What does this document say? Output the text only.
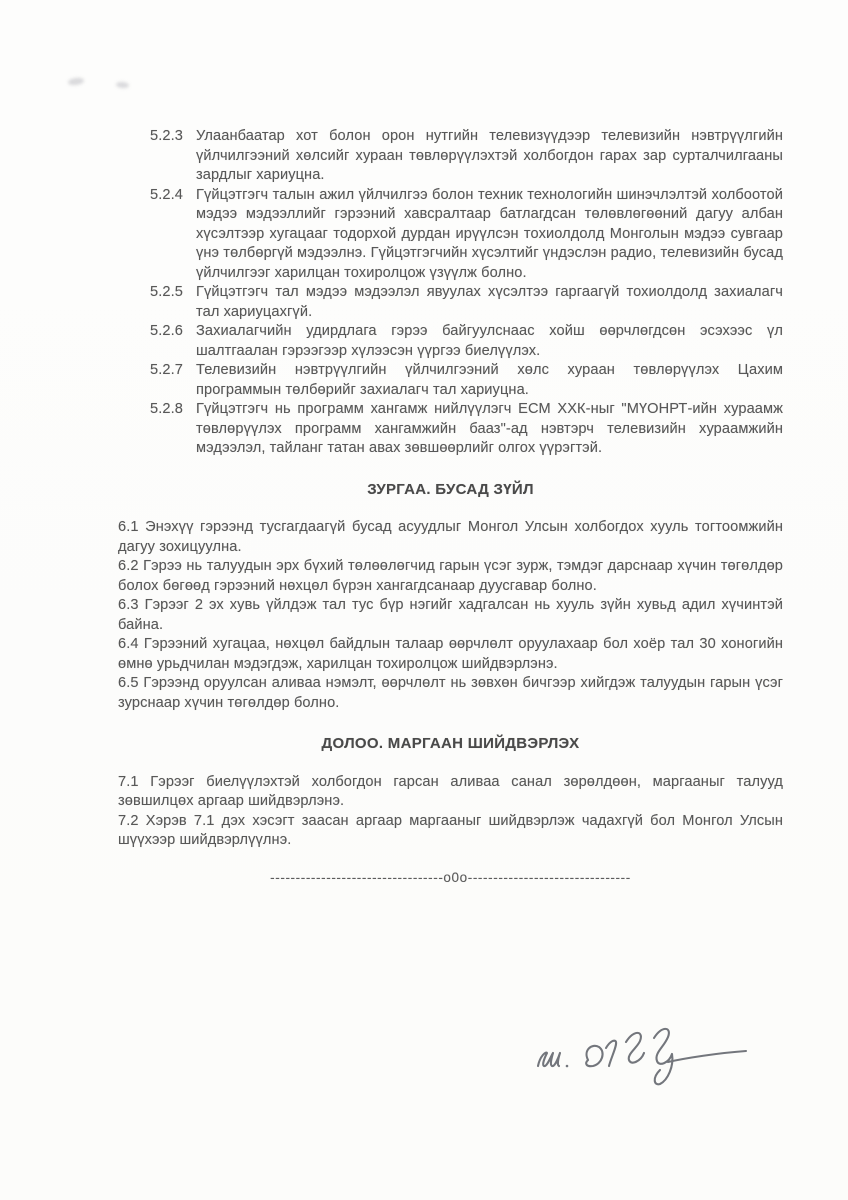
5.2.3 Улаанбаатар хот болон орон нутгийн телевизүүдээр телевизийн нэвтрүүлгийн үйлчилгээний хөлсийг хураан төвлөрүүлэхтэй холбогдон гарах зар сурталчилгааны зардлыг хариуцна.

5.2.4 Гүйцэтгэгч талын ажил үйлчилгээ болон техник технологийн шинэчлэлтэй холбоотой мэдээ мэдээллийг гэрээний хавсралтаар батлагдсан төлөвлөгөөний дагуу албан хүсэлтээр хугацааг тодорхой дурдан ирүүлсэн тохиолдолд Монголын мэдээ сувгаар үнэ төлбөргүй мэдээлнэ. Гүйцэтгэгчийн хүсэлтийг үндэслэн радио, телевизийн бусад үйлчилгээг харилцан тохиролцож үзүүлж болно.

5.2.5 Гүйцэтгэгч тал мэдээ мэдээлэл явуулах хүсэлтээ гаргаагүй тохиолдолд захиалагч тал хариуцахгүй.

5.2.6 Захиалагчийн удирдлага гэрээ байгуулснаас хойш өөрчлөгдсөн эсэхээс үл шалтгаалан гэрээгээр хүлээсэн үүргээ биелүүлэх.

5.2.7 Телевизийн нэвтрүүлгийн үйлчилгээний хөлс хураан төвлөрүүлэх Цахим программын төлбөрийг захиалагч тал хариуцна.

5.2.8 Гүйцэтгэгч нь программ хангамж нийлүүлэгч ЕСМ ХХК-ныг "МҮОНРТ-ийн хураамж төвлөрүүлэх программ хангамжийн бааз"-ад нэвтэрч телевизийн хураамжийн мэдээлэл, тайланг татан авах зөвшөөрлийг олгох үүрэгтэй.

ЗУРГАА. БУСАД ЗҮЙЛ

6.1 Энэхүү гэрээнд тусгагдаагүй бусад асуудлыг Монгол Улсын холбогдох хууль тогтоомжийн дагуу зохицуулна.

6.2 Гэрээ нь талуудын эрх бүхий төлөөлөгчид гарын үсэг зурж, тэмдэг дарснаар хүчин төгөлдөр болох бөгөөд гэрээний нөхцөл бүрэн хангагдсанаар дуусгавар болно.

6.3 Гэрээг 2 эх хувь үйлдэж тал тус бүр нэгийг хадгалсан нь хууль зүйн хувьд адил хүчинтэй байна.

6.4 Гэрээний хугацаа, нөхцөл байдлын талаар өөрчлөлт оруулахаар бол хоёр тал 30 хоногийн өмнө урьдчилан мэдэгдэж, харилцан тохиролцож шийдвэрлэнэ.

6.5 Гэрээнд оруулсан аливаа нэмэлт, өөрчлөлт нь зөвхөн бичгээр хийгдэж талуудын гарын үсэг зурснаар хүчин төгөлдөр болно.

ДОЛОО. МАРГААН ШИЙДВЭРЛЭХ

7.1 Гэрээг биелүүлэхтэй холбогдон гарсан аливаа санал зөрөлдөөн, маргааныг талууд зөвшилцөх аргаар шийдвэрлэнэ.

7.2 Хэрэв 7.1 дэх хэсэгт заасан аргаар маргааныг шийдвэрлэж чадахгүй бол Монгол Улсын шүүхээр шийдвэрлүүлнэ.

----------------------------------o0o--------------------------------
